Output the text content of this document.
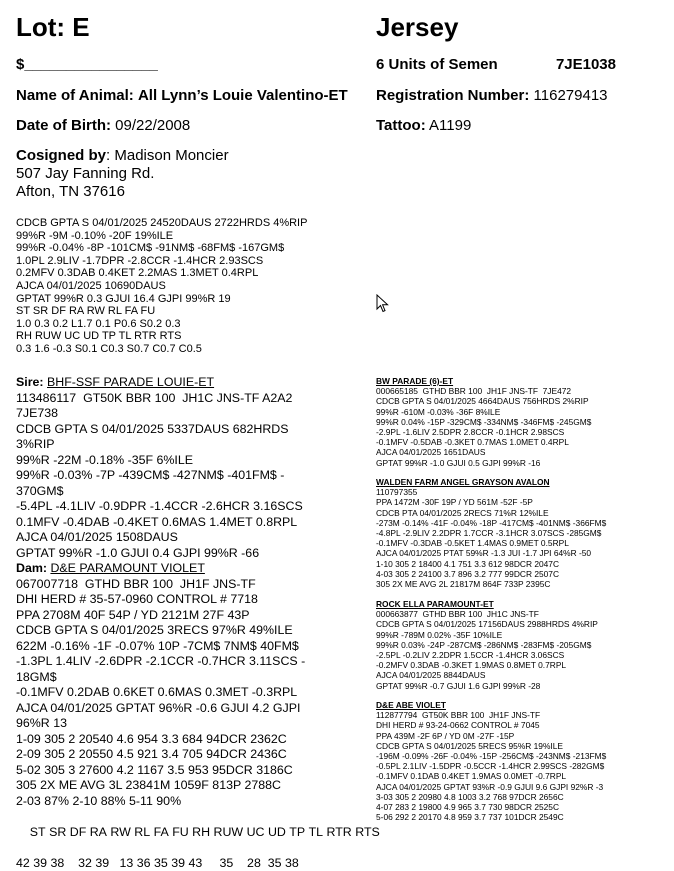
Lot: E	Jersey
$________________	6 Units of Semen	7JE1038
Name of Animal: All Lynn’s Louie Valentino-ET Registration Number: 116279413
Date of Birth: 09/22/2008	Tattoo: A1199
Cosigned by: Madison Moncier
507 Jay Fanning Rd.
Afton, TN 37616
CDCB GPTA S 04/01/2025 24520DAUS 2722HRDS 4%RIP
99%R -9M -0.10% -20F 19%ILE
99%R -0.04% -8P -101CM$ -91NM$ -68FM$ -167GM$
1.0PL 2.9LIV -1.7DPR -2.8CCR -1.4HCR 2.93SCS
0.2MFV 0.3DAB 0.4KET 2.2MAS 1.3MET 0.4RPL
AJCA 04/01/2025 10690DAUS
GPTAT 99%R 0.3 GJUI 16.4 GJPI 99%R 19
ST SR DF RA RW RL FA FU
1.0 0.3 0.2 L1.7 0.1 P0.6 S0.2 0.3
RH RUW UC UD TP TL RTR RTS
0.3 1.6 -0.3 S0.1 C0.3 S0.7 C0.7 C0.5
Sire: BHF-SSF PARADE LOUIE-ET
113486117  GT50K BBR 100  JH1C JNS-TF A2A2
7JE738
CDCB GPTA S 04/01/2025 5337DAUS 682HRDS
3%RIP
99%R -22M -0.18% -35F 6%ILE
99%R -0.03% -7P -439CM$ -427NM$ -401FM$ -
370GM$
-5.4PL -4.1LIV -0.9DPR -1.4CCR -2.6HCR 3.16SCS
0.1MFV -0.4DAB -0.4KET 0.6MAS 1.4MET 0.8RPL
AJCA 04/01/2025 1508DAUS
GPTAT 99%R -1.0 GJUI 0.4 GJPI 99%R -66
Dam: D&E PARAMOUNT VIOLET
067007718  GTHD BBR 100  JH1F JNS-TF
DHI HERD # 35-57-0960 CONTROL # 7718
PPA 2708M 40F 54P / YD 2121M 27F 43P
CDCB GPTA S 04/01/2025 3RECS 97%R 49%ILE
622M -0.16% -1F -0.07% 10P -7CM$ 7NM$ 40FM$
-1.3PL 1.4LIV -2.6DPR -2.1CCR -0.7HCR 3.11SCS -
18GM$
-0.1MFV 0.2DAB 0.6KET 0.6MAS 0.3MET -0.3RPL
AJCA 04/01/2025 GPTAT 96%R -0.6 GJUI 4.2 GJPI
96%R 13
1-09 305 2 20540 4.6 954 3.3 684 94DCR 2362C
2-09 305 2 20550 4.5 921 3.4 705 94DCR 2436C
5-02 305 3 27600 4.2 1167 3.5 953 95DCR 3186C
305 2X ME AVG 3L 23841M 1059F 813P 2788C
2-03 87% 2-10 88% 5-11 90%

ST SR DF RA RW RL FA FU RH RUW UC UD TP TL RTR RTS

42 39 38 32 39 13 36 35 39 43 35 28 35 38
BW PARADE (6)-ET
000665185  GTHD BBR 100  JH1F JNS-TF  7JE472
CDCB GPTA S 04/01/2025 4664DAUS 756HRDS 2%RIP
99%R -610M -0.03% -36F 8%ILE
99%R 0.04% -15P -329CM$ -334NM$ -346FM$ -245GM$
-2.9PL -1.6LIV 2.5DPR 2.8CCR -0.1HCR 2.98SCS
-0.1MFV -0.5DAB -0.3KET 0.7MAS 1.0MET 0.4RPL
AJCA 04/01/2025 1651DAUS
GPTAT 99%R -1.0 GJUI 0.5 GJPI 99%R -16
WALDEN FARM ANGEL GRAYSON AVALON
110797355
PPA 1472M -30F 19P / YD 561M -52F -5P
CDCB PTA 04/01/2025 2RECS 71%R 12%ILE
-273M -0.14% -41F -0.04% -18P -417CM$ -401NM$ -366FM$
-4.8PL -2.9LIV 2.2DPR 1.7CCR -3.1HCR 3.07SCS -285GM$
-0.1MFV -0.3DAB -0.5KET 1.4MAS 0.9MET 0.5RPL
AJCA 04/01/2025 PTAT 59%R -1.3 JUI -1.7 JPI 64%R -50
1-10 305 2 18400 4.1 751 3.3 612 98DCR 2047C
4-03 305 2 24100 3.7 896 3.2 777 99DCR 2507C
305 2X ME AVG 2L 21817M 864F 733P 2395C
ROCK ELLA PARAMOUNT-ET
000663877  GTHD BBR 100  JH1C JNS-TF
CDCB GPTA S 04/01/2025 17156DAUS 2988HRDS 4%RIP
99%R -789M 0.02% -35F 10%ILE
99%R 0.03% -24P -287CM$ -286NM$ -283FM$ -205GM$
-2.5PL -0.2LIV 2.2DPR 1.5CCR -1.4HCR 3.06SCS
-0.2MFV 0.3DAB -0.3KET 1.9MAS 0.8MET 0.7RPL
AJCA 04/01/2025 8844DAUS
GPTAT 99%R -0.7 GJUI 1.6 GJPI 99%R -28
D&E ABE VIOLET
112877794  GT50K BBR 100  JH1F JNS-TF
DHI HERD # 93-24-0662 CONTROL # 7045
PPA 439M -2F 6P / YD 0M -27F -15P
CDCB GPTA S 04/01/2025 5RECS 95%R 19%ILE
-196M -0.09% -26F -0.04% -15P -256CM$ -243NM$ -213FM$
-0.5PL 2.1LIV -1.5DPR -0.5CCR -1.4HCR 2.99SCS -282GM$
-0.1MFV 0.1DAB 0.4KET 1.9MAS 0.0MET -0.7RPL
AJCA 04/01/2025 GPTAT 93%R -0.9 GJUI 9.6 GJPI 92%R -3
3-03 305 2 20980 4.8 1003 3.2 768 97DCR 2656C
4-07 283 2 19800 4.9 965 3.7 730 98DCR 2525C
5-06 292 2 20170 4.8 959 3.7 737 101DCR 2549C
